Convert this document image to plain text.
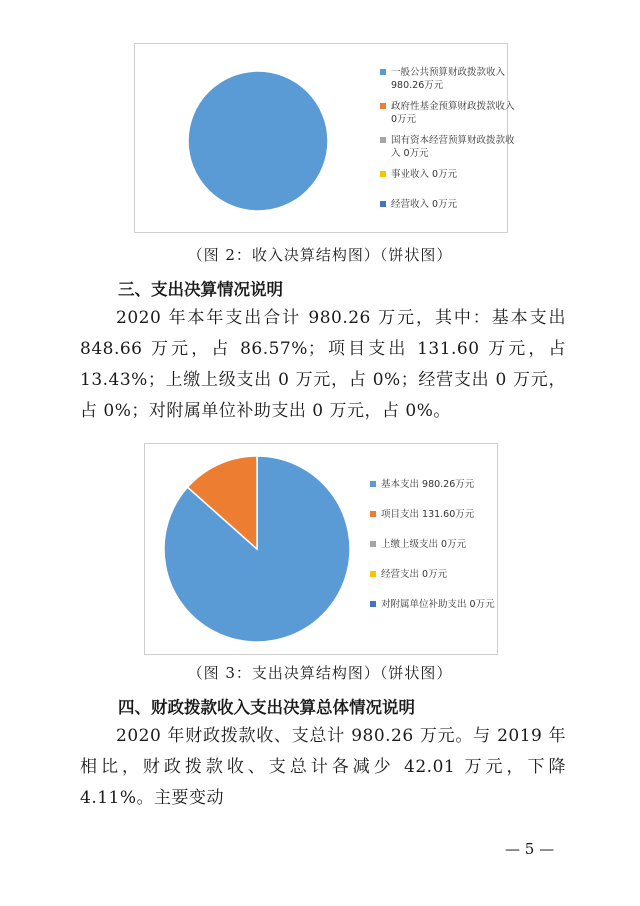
一般公共预算财政拨款收入 980.26万元
政府性基金预算财政拨款收入 0万元
国有资本经营预算财政拨款收入 0万元
事业收入 0万元
经营收入 0万元
（图 2：收入决算结构图）（饼状图）
三、支出决算情况说明
2020 年本年支出合计 980.26 万元，其中：基本支出 848.66 万元，占 86.57%；项目支出 131.60 万元，占 13.43%；上缴上级支出 0 万元，占 0%；经营支出 0 万元，占 0%；对附属单位补助支出 0 万元，占 0%。
基本支出 980.26万元
项目支出 131.60万元
上缴上级支出 0万元
经营支出 0万元
对附属单位补助支出 0万元
（图 3：支出决算结构图）（饼状图）
四、财政拨款收入支出决算总体情况说明
2020 年财政拨款收、支总计 980.26 万元。与 2019 年相比，财政拨款收、支总计各减少 42.01 万元，下降 4.11%。主要变动
— 5 —
